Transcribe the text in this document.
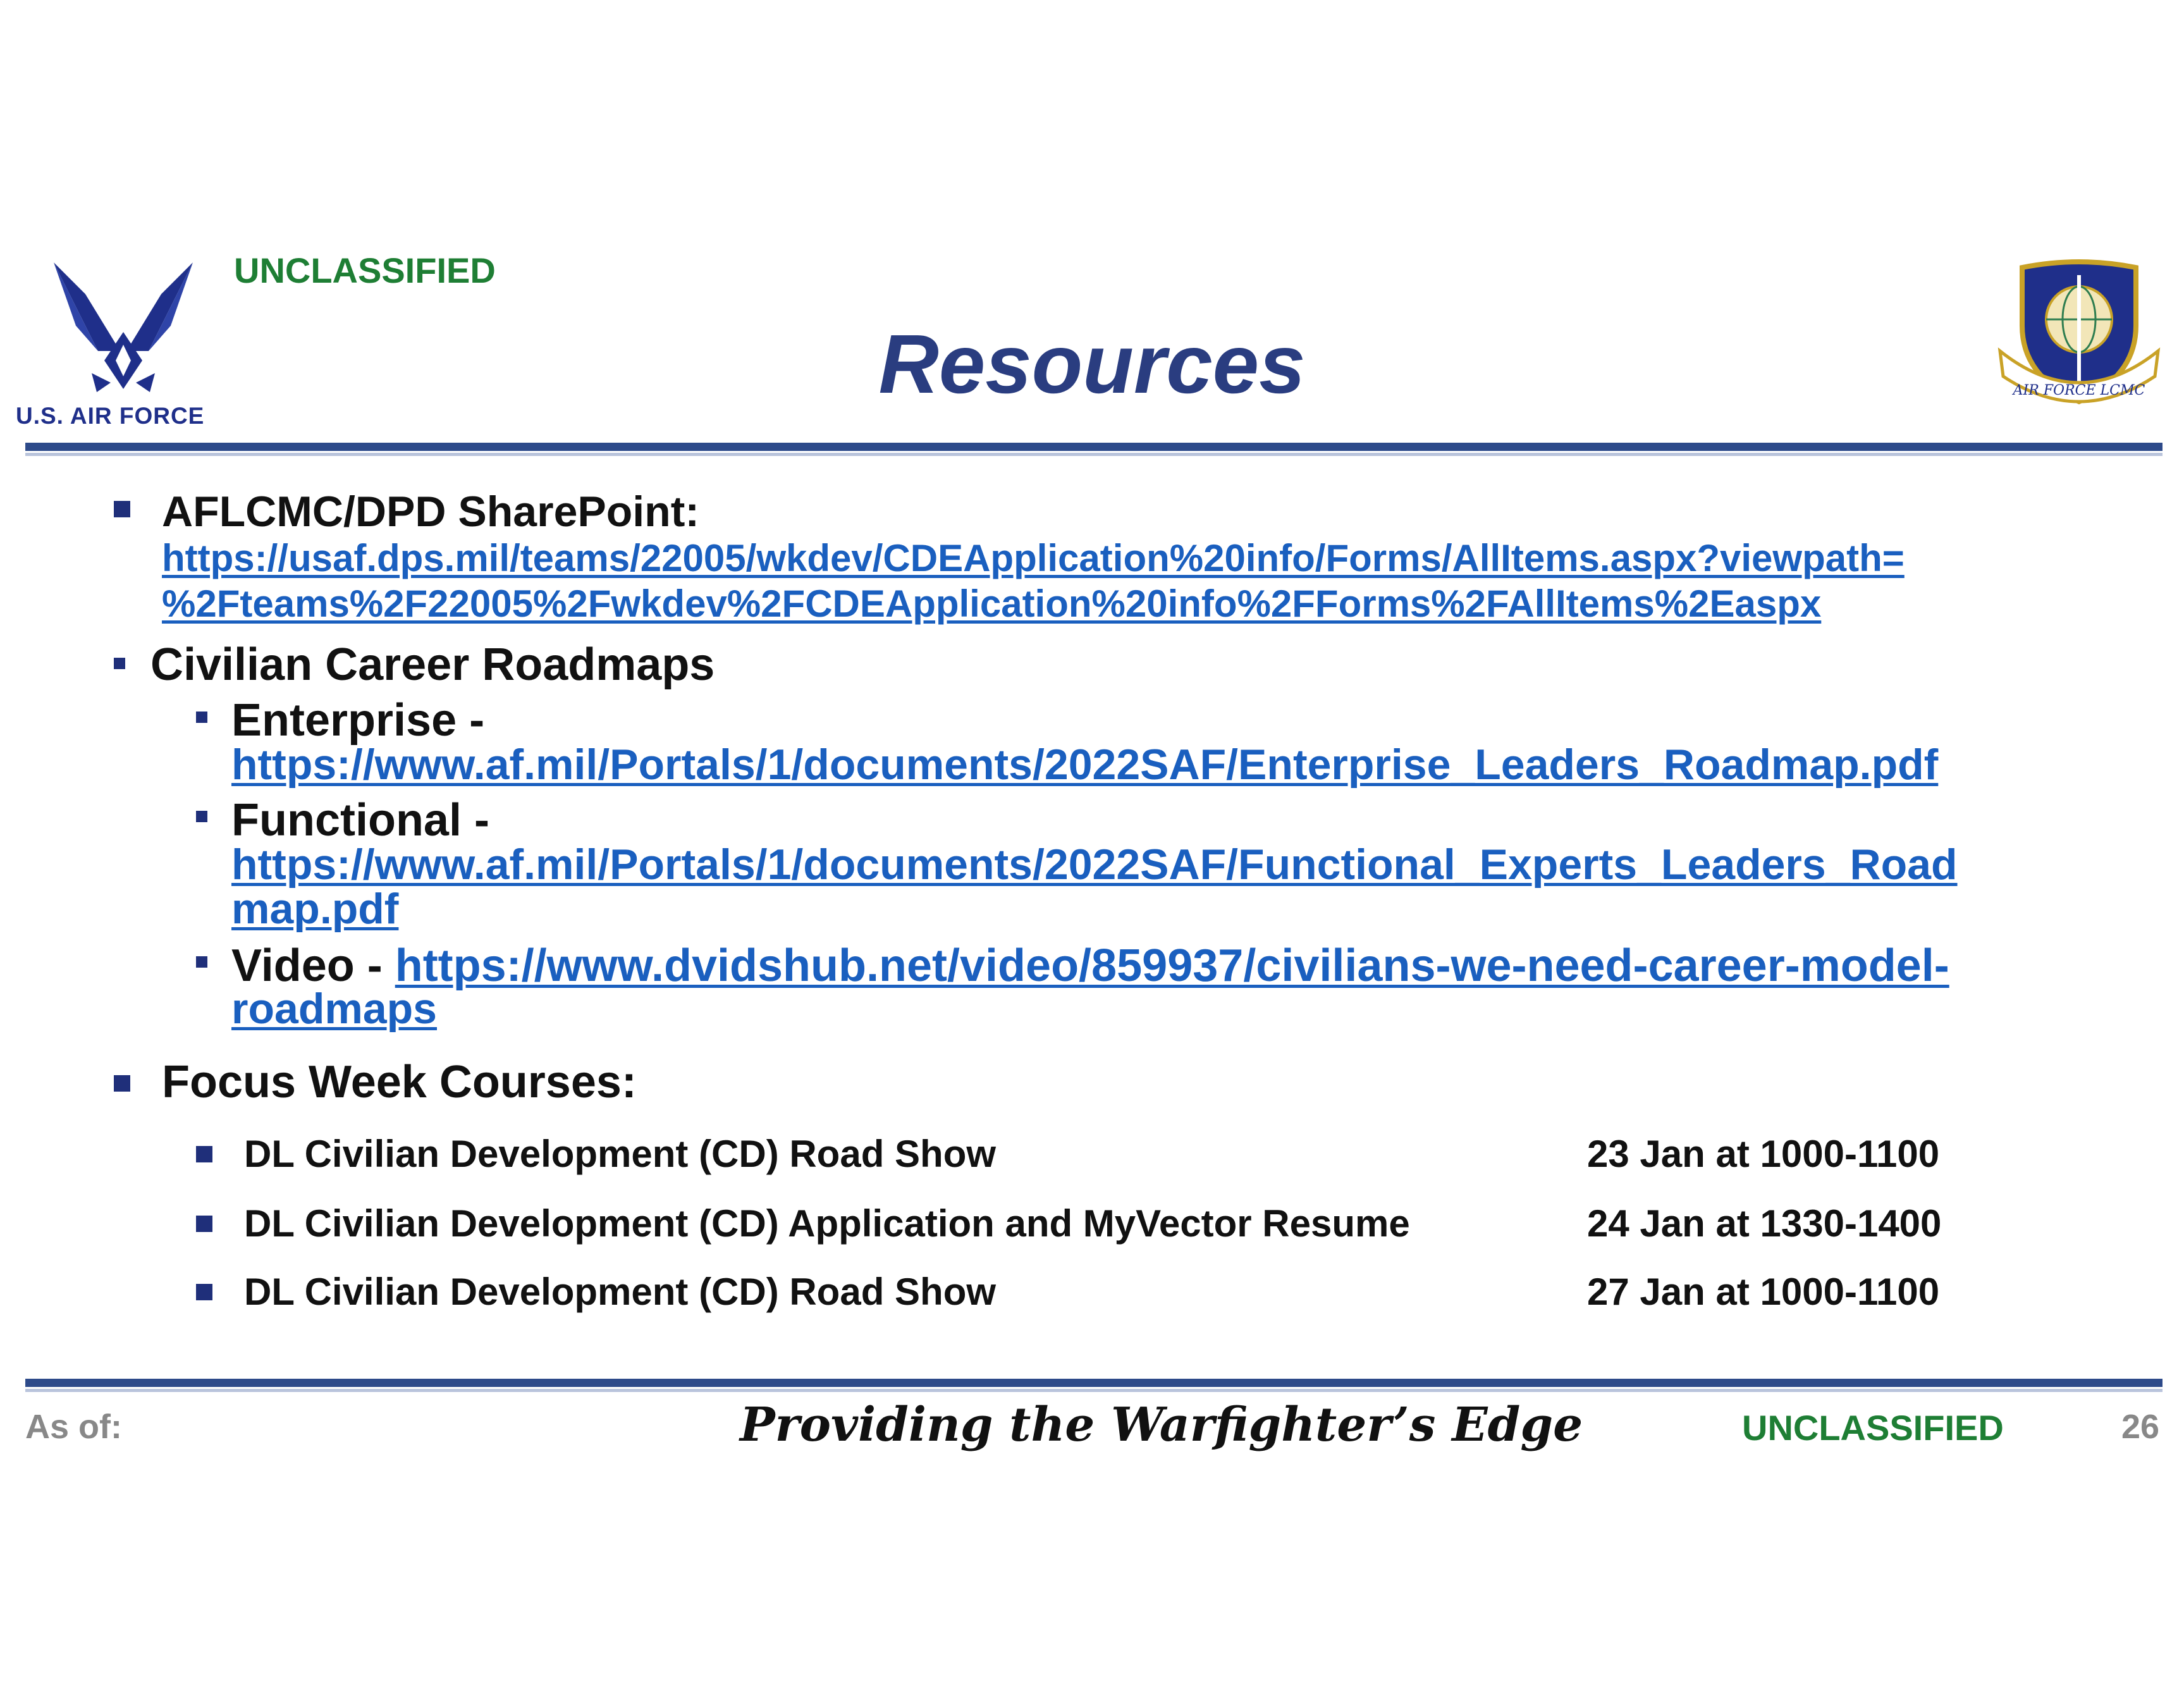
U.S. AIR FORCE
UNCLASSIFIED
Resources	AIR FORCE LCMC
AFLCMC/DPD SharePoint:
https://usaf.dps.mil/teams/22005/wkdev/CDEApplication%20info/Forms/AllItems.aspx?viewpath=
%2Fteams%2F22005%2Fwkdev%2FCDEApplication%20info%2FForms%2FAllItems%2Easpx
Civilian Career Roadmaps
Enterprise -
https://www.af.mil/Portals/1/documents/2022SAF/Enterprise_Leaders_Roadmap.pdf
Functional -
https://www.af.mil/Portals/1/documents/2022SAF/Functional_Experts_Leaders_Road
map.pdf
Video - https://www.dvidshub.net/video/859937/civilians-we-need-career-model-
roadmaps
Focus Week Courses:
DL Civilian Development (CD) Road Show	23 Jan at 1000-1100
DL Civilian Development (CD) Application and MyVector Resume	24 Jan at 1330-1400
DL Civilian Development (CD) Road Show	27 Jan at 1000-1100
As of:	Providing the Warfighter’s Edge	UNCLASSIFIED	26
